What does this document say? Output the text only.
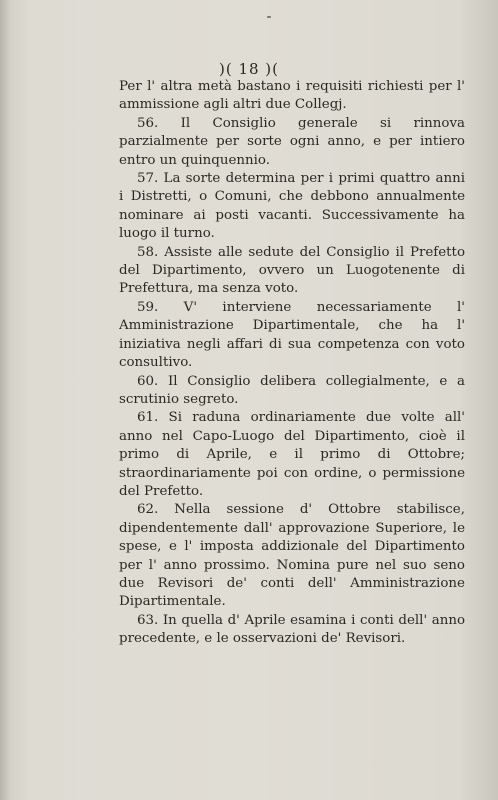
)( 18 )(

Per l' altra metà bastano i requisiti richiesti per l' ammissione agli altri due Collegj.

56. Il Consiglio generale si rinnova parzialmente per sorte ogni anno, e per intiero entro un quinquennio.

57. La sorte determina per i primi quattro anni i Distretti, o Comuni, che debbono annualmente nominare ai posti vacanti. Successivamente ha luogo il turno.

58. Assiste alle sedute del Consiglio il Prefetto del Dipartimento, ovvero un Luogotenente di Prefettura, ma senza voto.

59. V' interviene necessariamente l' Amministrazione Dipartimentale, che ha l' iniziativa negli affari di sua competenza con voto consultivo.

60. Il Consiglio delibera collegialmente, e a scrutinio segreto.

61. Si raduna ordinariamente due volte all' anno nel Capo-Luogo del Dipartimento, cioè il primo di Aprile, e il primo di Ottobre; straordinariamente poi con ordine, o permissione del Prefetto.

62. Nella sessione d' Ottobre stabilisce, dipendentemente dall' approvazione Superiore, le spese, e l' imposta addizionale del Dipartimento per l' anno prossimo. Nomina pure nel suo seno due Revisori de' conti dell' Amministrazione Dipartimentale.

63. In quella d' Aprile esamina i conti dell' anno precedente, e le osservazioni de' Revisori.
